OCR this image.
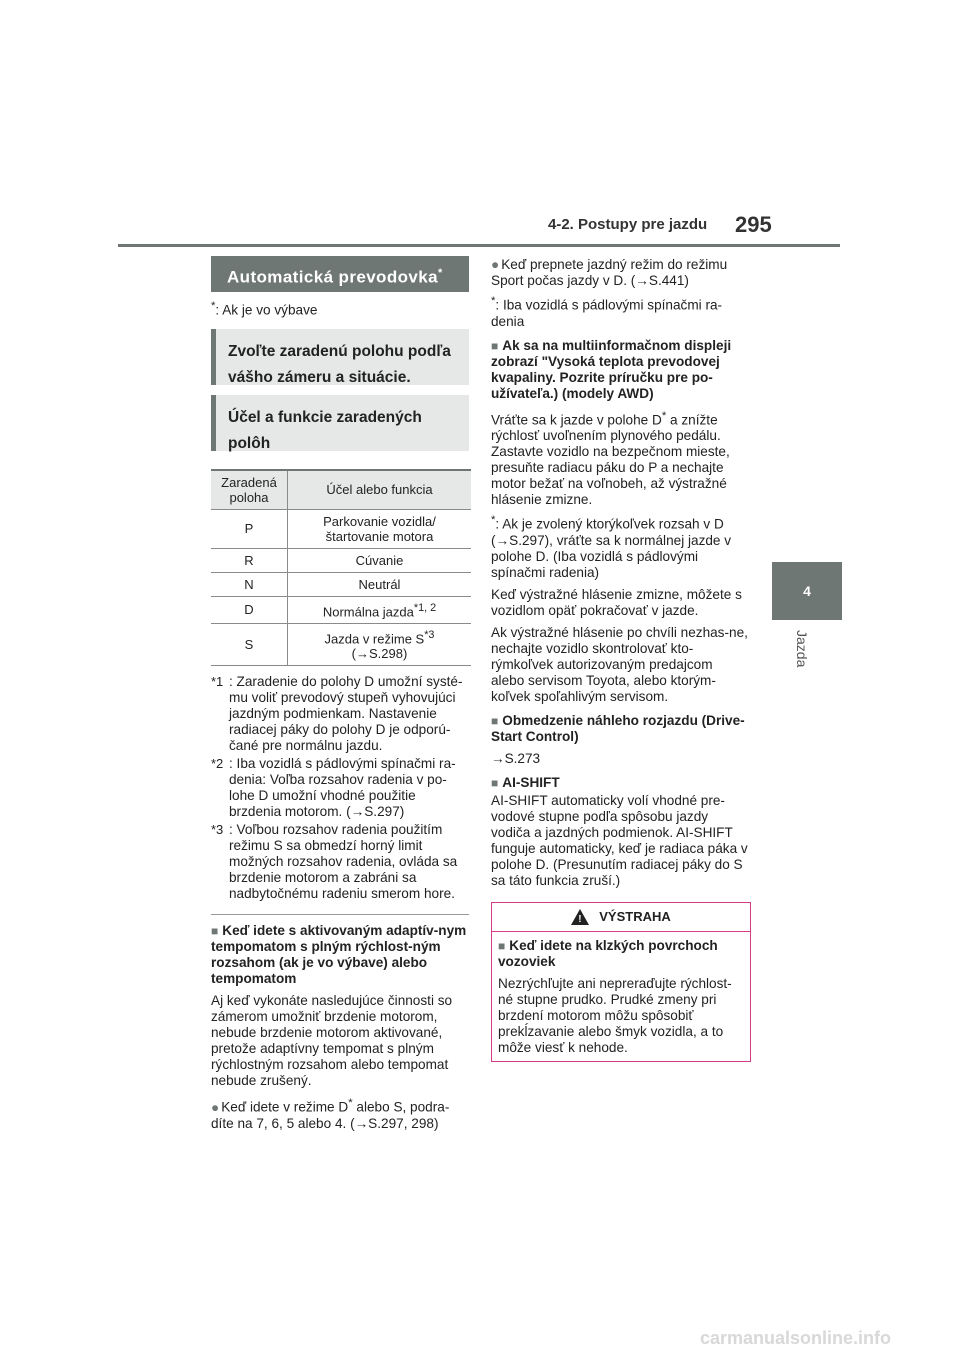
4-2. Postupy pre jazdu 295
4
Jazda
Automatická prevodovka*

*: Ak je vo výbave

Zvoľte zaradenú polohu podľa vášho zámeru a situácie.
Účel a funkcie zaradených polôh
Zaradená poloha	Účel alebo funkcia
P	Parkovanie vozidla/ štartovanie motora
R	Cúvanie
N	Neutrál
D	Normálna jazda$^{*1, 2}$
S	Jazda v režime $S^{*3}$
(→S.298)
*1 : Zaradenie do polohy D umožní systé-mu voliť prevodový stupeň vyhovujúci jazdným podmienkam. Nastavenie radiacej páky do polohy D je odporú-čané pre normálnu jazdu.
*2 : Iba vozidlá s pádlovými spínačmi ra-denia: Voľba rozsahov radenia v po-lohe D umožní vhodné použitie brzdenia motorom. (→S.297)
*3 : Voľbou rozsahov radenia použitím režimu S sa obmedzí horný limit možných rozsahov radenia, ovláda sa brzdenie motorom a zabráni sa nadbytočnému radeniu smerom hore.

■ Keď idete s aktivovaným adaptív-nym tempomatom s plným rýchlost-ným rozsahom (ak je vo výbave) alebo tempomatom

Aj keď vykonáte nasledujúce činnosti so zámerom umožniť brzdenie motorom, nebude brzdenie motorom aktivované, pretože adaptívny tempomat s plným rýchlostným rozsahom alebo tempomat nebude zrušený.

● Keď idete v režime D* alebo S, podra-díte na 7, 6, 5 alebo 4. (→S.297, 298)

● Keď prepnete jazdný režim do režimu Sport počas jazdy v D. (→S.441)

*: Iba vozidlá s pádlovými spínačmi ra-denia

■ Ak sa na multiinformačnom displeji zobrazí "Vysoká teplota prevodovej kvapaliny. Pozrite príručku pre po-užívateľa.) (modely AWD)

Vráťte sa k jazde v polohe D* a znížte rýchlosť uvoľnením plynového pedálu. Zastavte vozidlo na bezpečnom mieste, presuňte radiacu páku do P a nechajte motor bežať na voľnobeh, až výstražné hlásenie zmizne.

*: Ak je zvolený ktorýkoľvek rozsah v D (→S.297), vráťte sa k normálnej jazde v polohe D. (Iba vozidlá s pádlovými spínačmi radenia)

Keď výstražné hlásenie zmizne, môžete s vozidlom opäť pokračovať v jazde.

Ak výstražné hlásenie po chvíli nezhas-ne, nechajte vozidlo skontrolovať kto-rýmkoľvek autorizovaným predajcom alebo servisom Toyota, alebo ktorým-koľvek spoľahlivým servisom.

■ Obmedzenie náhleho rozjazdu (Drive-Start Control)

→S.273

■ AI-SHIFT

AI-SHIFT automaticky volí vhodné pre-vodové stupne podľa spôsobu jazdy vodiča a jazdných podmienok. AI-SHIFT funguje automaticky, keď je radiaca páka v polohe D. (Presunutím radiacej páky do S sa táto funkcia zruší.)

! VÝSTRAHA

■ Keď idete na klzkých povrchoch vozoviek

Nezrýchľujte ani nepreraďujte rýchlost-né stupne prudko. Prudké zmeny pri brzdení motorom môžu spôsobiť prekĺzavanie alebo šmyk vozidla, a to môže viesť k nehode.

carmanualsonline.info
